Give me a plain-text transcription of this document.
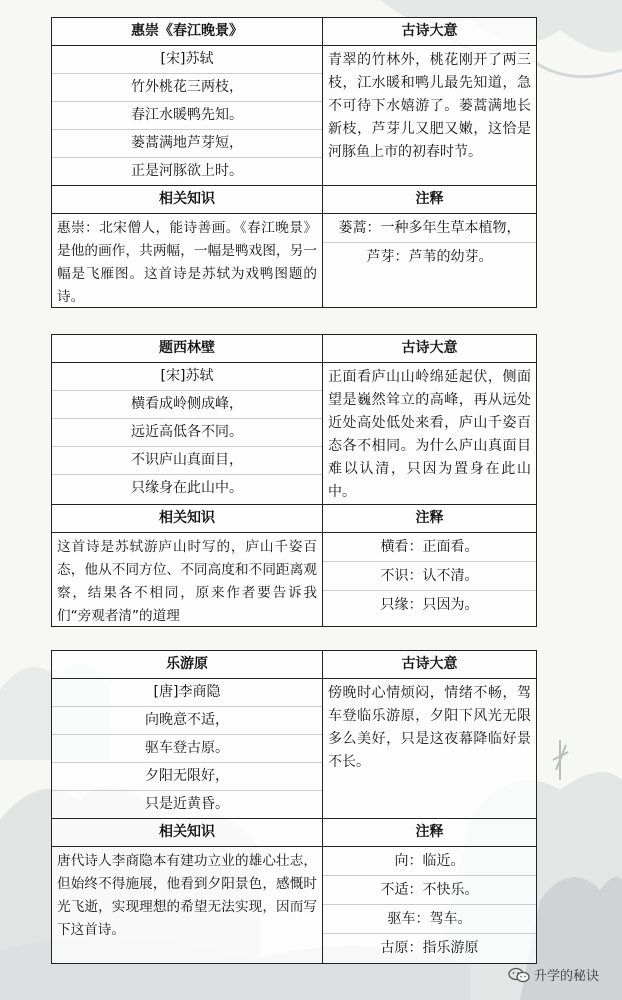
惠崇《春江晚景》
[宋]苏轼
竹外桃花三两枝，
春江水暖鸭先知。
蒌蒿满地芦芽短，
正是河豚欲上时。
古诗大意
青翠的竹林外，桃花刚开了两三枝，江水暖和鸭儿最先知道，急不可待下水嬉游了。蒌蒿满地长新枝，芦芽儿又肥又嫩，这恰是河豚鱼上市的初春时节。
相关知识
惠崇：北宋僧人，能诗善画。《春江晚景》是他的画作，共两幅，一幅是鸭戏图，另一幅是飞雁图。这首诗是苏轼为戏鸭图题的诗。
注释
蒌蒿：一种多年生草本植物，
芦芽：芦苇的幼芽。
题西林壁
[宋]苏轼
横看成岭侧成峰，
远近高低各不同。
不识庐山真面目，
只缘身在此山中。
古诗大意
正面看庐山山岭绵延起伏，侧面望是巍然耸立的高峰，再从远处近处高处低处来看，庐山千姿百态各不相同。为什么庐山真面目难以认清，只因为置身在此山中。
相关知识
这首诗是苏轼游庐山时写的，庐山千姿百态，他从不同方位、不同高度和不同距离观察，结果各不相同，原来作者要告诉我们“旁观者清”的道理
注释
横看：正面看。
不识：认不清。
只缘：只因为。
乐游原
[唐]李商隐
向晚意不适，
驱车登古原。
夕阳无限好，
只是近黄昏。
古诗大意
傍晚时心情烦闷，情绪不畅，驾车登临乐游原，夕阳下风光无限多么美好，只是这夜幕降临好景不长。
相关知识
唐代诗人李商隐本有建功立业的雄心壮志，但始终不得施展，他看到夕阳景色，感慨时光飞逝，实现理想的希望无法实现，因而写下这首诗。
注释
向：临近。
不适：不快乐。
驱车：驾车。
古原：指乐游原
升学的秘诀
